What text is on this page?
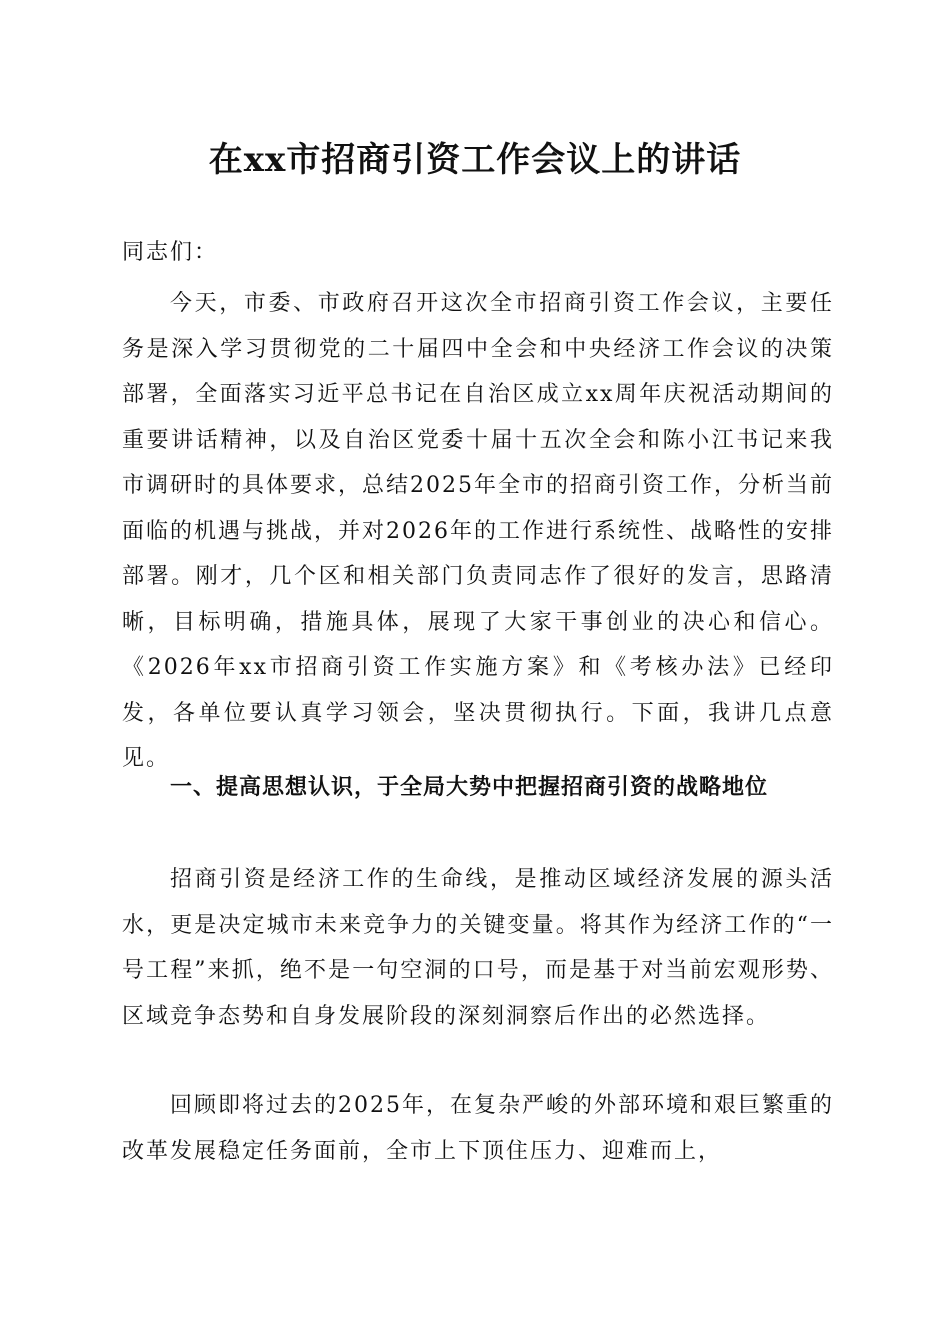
在xx市招商引资工作会议上的讲话

同志们：

今天，市委、市政府召开这次全市招商引资工作会议，主要任务是深入学习贯彻党的二十届四中全会和中央经济工作会议的决策部署，全面落实习近平总书记在自治区成立xx周年庆祝活动期间的重要讲话精神，以及自治区党委十届十五次全会和陈小江书记来我市调研时的具体要求，总结2025年全市的招商引资工作，分析当前面临的机遇与挑战，并对2026年的工作进行系统性、战略性的安排部署。刚才，几个区和相关部门负责同志作了很好的发言，思路清晰，目标明确，措施具体，展现了大家干事创业的决心和信心。《2026年xx市招商引资工作实施方案》和《考核办法》已经印发，各单位要认真学习领会，坚决贯彻执行。下面，我讲几点意见。

一、提高思想认识，于全局大势中把握招商引资的战略地位

招商引资是经济工作的生命线，是推动区域经济发展的源头活水，更是决定城市未来竞争力的关键变量。将其作为经济工作的“一号工程”来抓，绝不是一句空洞的口号，而是基于对当前宏观形势、区域竞争态势和自身发展阶段的深刻洞察后作出的必然选择。

回顾即将过去的2025年，在复杂严峻的外部环境和艰巨繁重的改革发展稳定任务面前，全市上下顶住压力、迎难而上，
